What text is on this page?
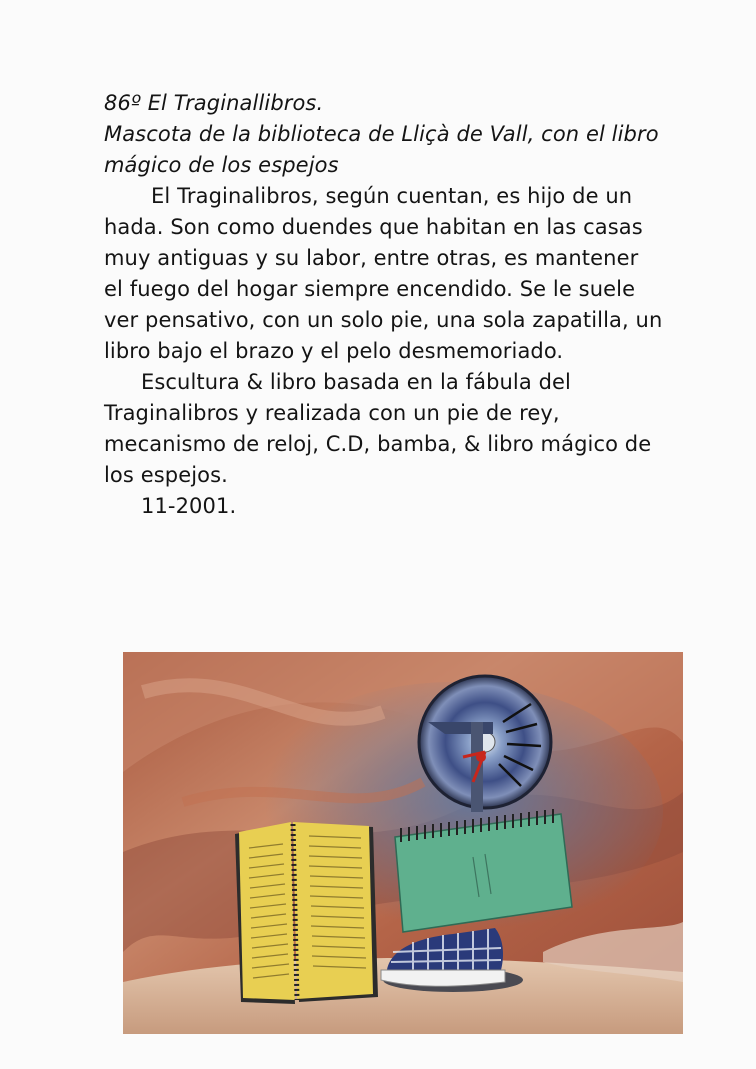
86º El Traginallibros.

Mascota de la biblioteca de Lliçà de Vall, con el libro mágico de los espejos

El Traginalibros, según cuentan, es hijo de un hada. Son como duendes que habitan en las casas muy antiguas y su labor, entre otras, es mantener el fuego del hogar siempre encendido. Se le suele ver pensativo, con un solo pie, una sola zapatilla, un libro bajo el brazo y el pelo desmemoriado.

Escultura & libro basada en la fábula del Traginalibros y realizada con un pie de rey, mecanismo de reloj, C.D, bamba, & libro mágico de los espejos.

11-2001.
